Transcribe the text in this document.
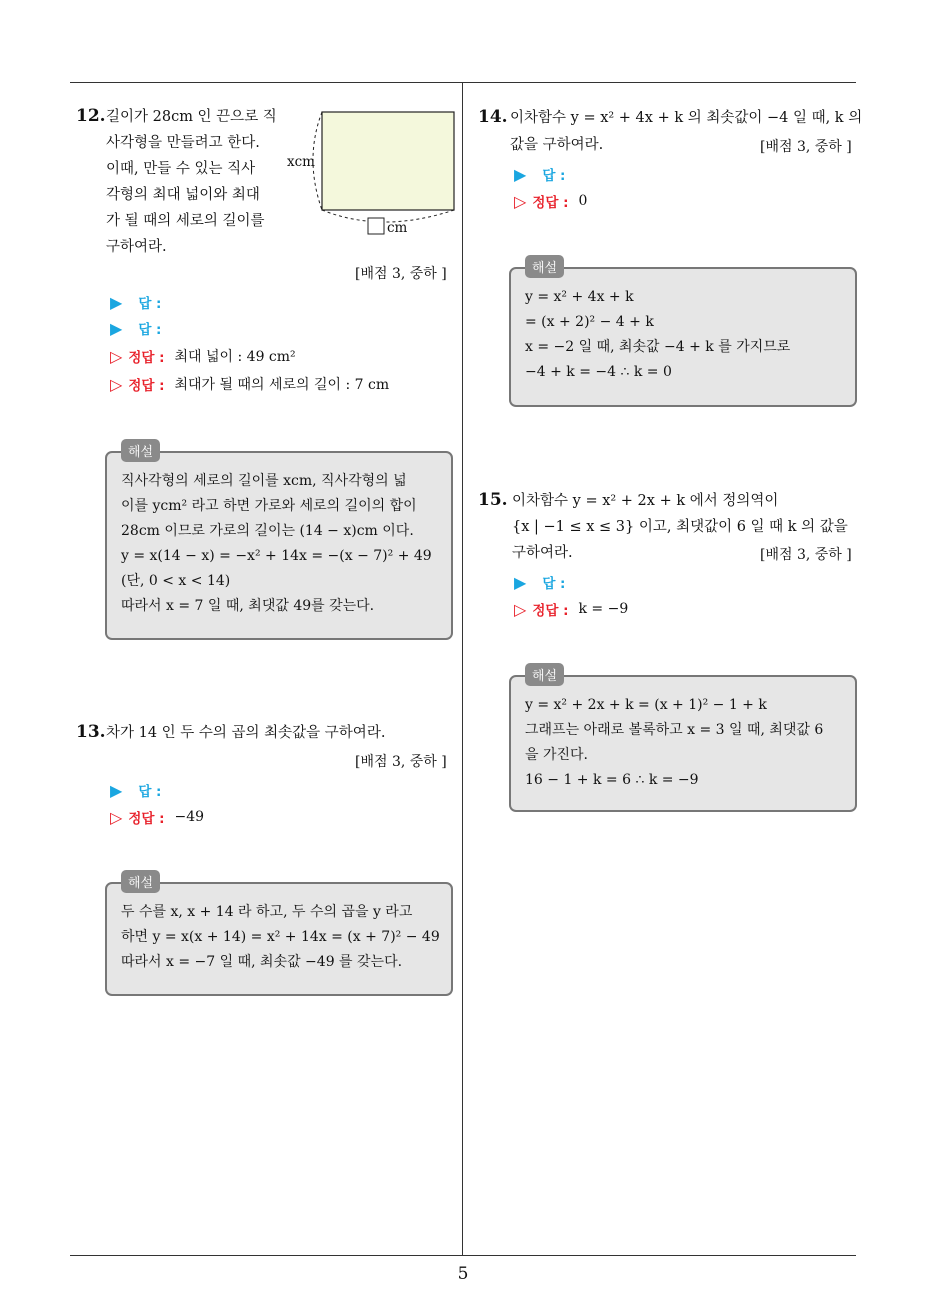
12. 길이가 28cm 인 끈으로 직
사각형을 만들려고 한다.
이때, 만들 수 있는 직사
각형의 최대 넓이와 최대
가 될 때의 세로의 길이를
구하여라.
xcm
cm
[배점 3, 중하 ]
▶ 답 :
▶ 답 :
▷ 정답 : 최대 넓이 : 49 cm²
▷ 정답 : 최대가 될 때의 세로의 길이 : 7 cm
해설
직사각형의 세로의 길이를 xcm, 직사각형의 넓
이를 ycm² 라고 하면 가로와 세로의 길이의 합이
28cm 이므로 가로의 길이는 (14 − x)cm 이다.
y = x(14 − x) = −x² + 14x = −(x − 7)² + 49
(단, 0 < x < 14)
따라서 x = 7 일 때, 최댓값 49를 갖는다.
13. 차가 14 인 두 수의 곱의 최솟값을 구하여라.
[배점 3, 중하 ]
▶ 답 :
▷ 정답 : −49
해설
두 수를 x, x + 14 라 하고, 두 수의 곱을 y 라고
하면 y = x(x + 14) = x² + 14x = (x + 7)² − 49
따라서 x = −7 일 때, 최솟값 −49 를 갖는다.
14. 이차함수 y = x² + 4x + k 의 최솟값이 −4 일 때, k 의
값을 구하여라.	[배점 3, 중하 ]
▶ 답 :
▷ 정답 : 0
해설
y = x² + 4x + k
= (x + 2)² − 4 + k
x = −2 일 때, 최솟값 −4 + k 를 가지므로
−4 + k = −4 ∴ k = 0
15. 이차함수 y = x² + 2x + k 에서 정의역이
{x | −1 ≤ x ≤ 3} 이고, 최댓값이 6 일 때 k 의 값을
구하여라.	[배점 3, 중하 ]
▶ 답 :
▷ 정답 : k = −9
해설
y = x² + 2x + k = (x + 1)² − 1 + k
그래프는 아래로 볼록하고 x = 3 일 때, 최댓값 6
을 가진다.
16 − 1 + k = 6 ∴ k = −9
5
